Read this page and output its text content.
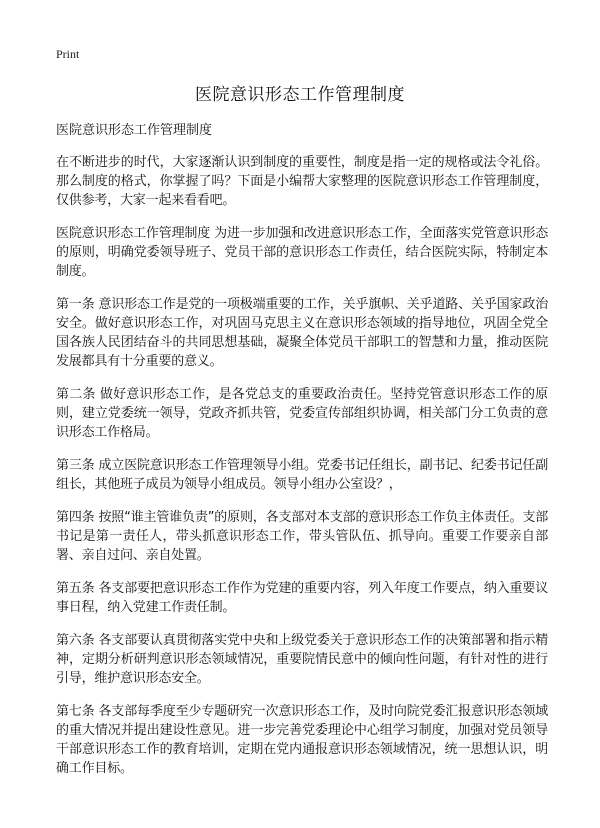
Print
医院意识形态工作管理制度

医院意识形态工作管理制度

在不断进步的时代，大家逐渐认识到制度的重要性，制度是指一定的规格或法令礼俗。那么制度的格式，你掌握了吗？下面是小编帮大家整理的医院意识形态工作管理制度，仅供参考，大家一起来看看吧。

医院意识形态工作管理制度 为进一步加强和改进意识形态工作，全面落实党管意识形态的原则，明确党委领导班子、党员干部的意识形态工作责任，结合医院实际，特制定本制度。

第一条 意识形态工作是党的一项极端重要的工作，关乎旗帜、关乎道路、关乎国家政治安全。做好意识形态工作，对巩固马克思主义在意识形态领域的指导地位，巩固全党全国各族人民团结奋斗的共同思想基础，凝聚全体党员干部职工的智慧和力量，推动医院发展都具有十分重要的意义。

第二条 做好意识形态工作，是各党总支的重要政治责任。坚持党管意识形态工作的原则，建立党委统一领导，党政齐抓共管，党委宣传部组织协调，相关部门分工负责的意识形态工作格局。

第三条 成立医院意识形态工作管理领导小组。党委书记任组长，副书记、纪委书记任副组长，其他班子成员为领导小组成员。领导小组办公室设？，

第四条 按照“谁主管谁负责”的原则，各支部对本支部的意识形态工作负主体责任。支部书记是第一责任人，带头抓意识形态工作，带头管队伍、抓导向。重要工作要亲自部署、亲自过问、亲自处置。

第五条 各支部要把意识形态工作作为党建的重要内容，列入年度工作要点，纳入重要议事日程，纳入党建工作责任制。

第六条 各支部要认真贯彻落实党中央和上级党委关于意识形态工作的决策部署和指示精神，定期分析研判意识形态领域情况，重要院情民意中的倾向性问题，有针对性的进行引导，维护意识形态安全。

第七条 各支部每季度至少专题研究一次意识形态工作，及时向院党委汇报意识形态领域的重大情况并提出建设性意见。进一步完善党委理论中心组学习制度，加强对党员领导干部意识形态工作的教育培训，定期在党内通报意识形态领域情况，统一思想认识，明确工作目标。
